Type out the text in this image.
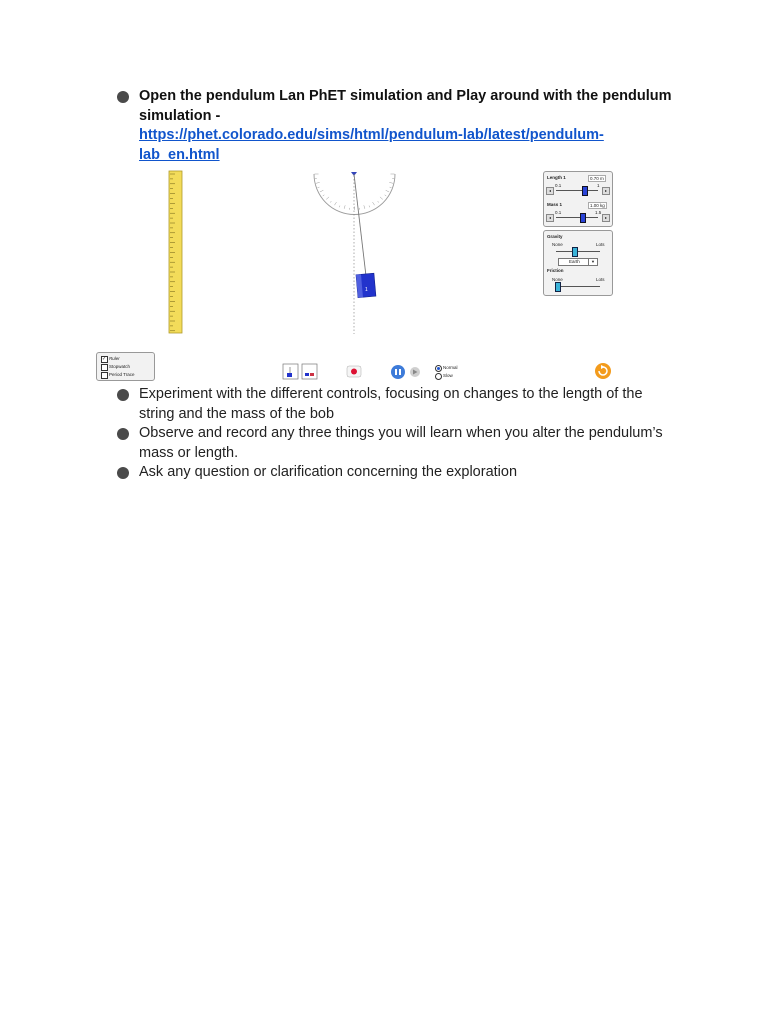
Open the pendulum Lan PhET simulation and Play around with the pendulum simulation -
https://phet.colorado.edu/sims/html/pendulum-lab/latest/pendulum-lab_en.html
Experiment with the different controls, focusing on changes to the length of the string and the mass of the bob
Observe and record any three things you will learn when you alter the pendulum’s mass or length.
Ask any question or clarification concerning the exploration
Length 1	0.70 m
0.1	1
◂	▸
Mass 1	1.00 kg
0.1	1.5
◂	▸
Gravity
None	Lots
Earth	▼
Friction
None	Lots
✓ Ruler
Stopwatch
Period Trace
Normal
Slow
1
